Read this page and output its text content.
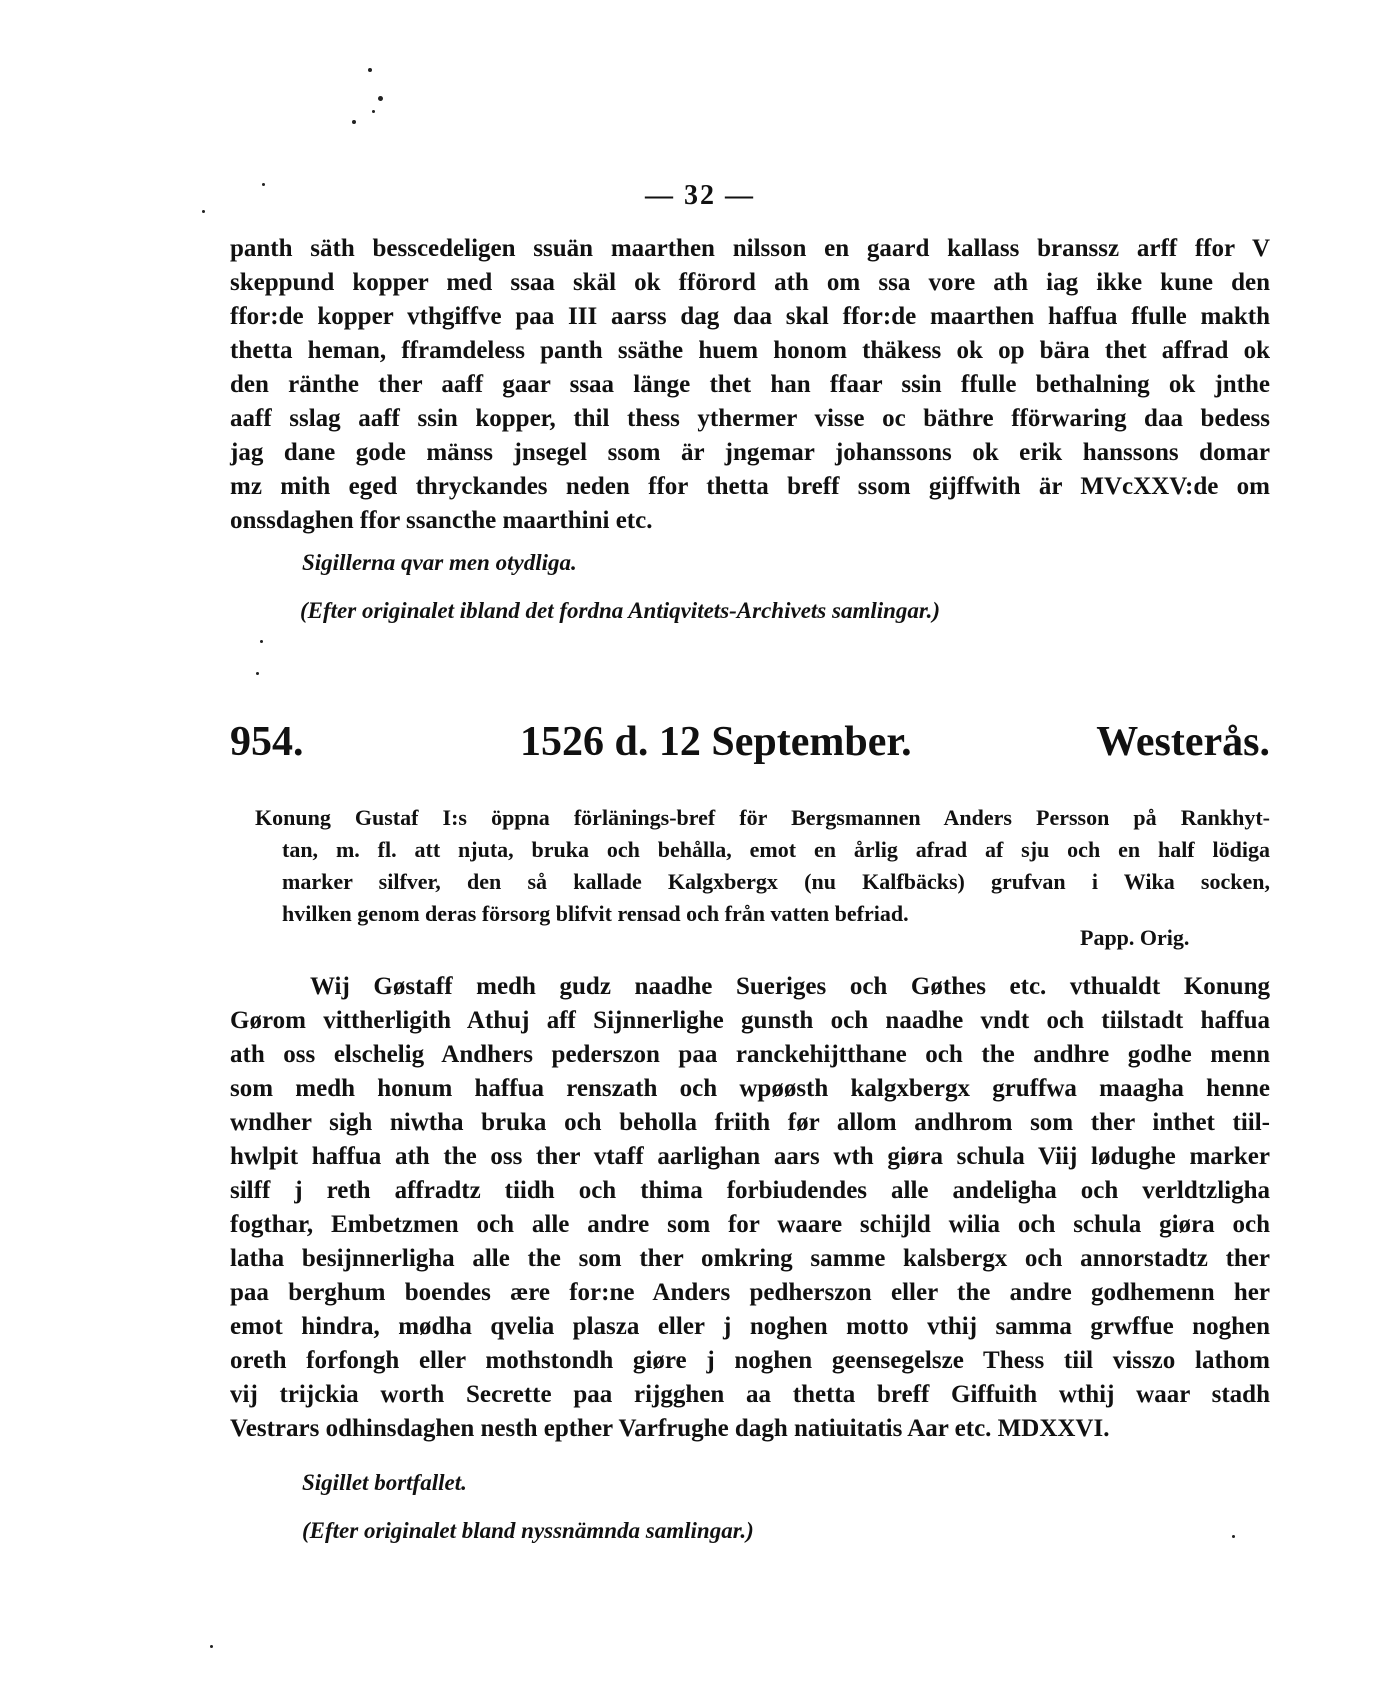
— 32 —
panth säth besscedeligen ssuän maarthen nilsson en gaard kallass branssz arff ffor V
skeppund kopper med ssaa skäl ok fförord ath om ssa vore ath iag ikke kune den
ffor:de kopper vthgiffve paa III aarss dag daa skal ffor:de maarthen haffua ffulle makth
thetta heman, fframdeless panth ssäthe huem honom thäkess ok op bära thet affrad ok
den ränthe ther aaff gaar ssaa länge thet han ffaar ssin ffulle bethalning ok jnthe
aaff sslag aaff ssin kopper, thil thess ythermer visse oc bäthre fförwaring daa bedess
jag dane gode mänss jnsegel ssom är jngemar johanssons ok erik hanssons domar
mz mith eged thryckandes neden ffor thetta breff ssom gijffwith är MVcXXV:de om
onssdaghen ffor ssancthe maarthini etc.
Sigillerna qvar men otydliga.
(Efter originalet ibland det fordna Antiqvitets-Archivets samlingar.)
954.	1526 d. 12 September.	Westerås.
Konung Gustaf I:s öppna förlänings-bref för Bergsmannen Anders Persson på Rankhyt-
tan, m. fl. att njuta, bruka och behålla, emot en årlig afrad af sju och en half lödiga
marker silfver, den så kallade Kalgxbergx (nu Kalfbäcks) grufvan i Wika socken,
hvilken genom deras försorg blifvit rensad och från vatten befriad.
Papp. Orig.
Wij Gøstaff medh gudz naadhe Sueriges och Gøthes etc. vthualdt Konung
Gørom vittherligith Athuj aff Sijnnerlighe gunsth och naadhe vndt och tiilstadt haffua
ath oss elschelig Andhers pederszon paa ranckehijtthane och the andhre godhe menn
som medh honum haffua renszath och wpøøsth kalgxbergx gruffwa maagha henne
wndher sigh niwtha bruka och beholla friith før allom andhrom som ther inthet tiil-
hwlpit haffua ath the oss ther vtaff aarlighan aars wth giøra schula Viij lødughe marker
silff j reth affradtz tiidh och thima forbiudendes alle andeligha och verldtzligha
fogthar, Embetzmen och alle andre som for waare schijld wilia och schula giøra och
latha besijnnerligha alle the som ther omkring samme kalsbergx och annorstadtz ther
paa berghum boendes ære for:ne Anders pedherszon eller the andre godhemenn her
emot hindra, mødha qvelia plasza eller j noghen motto vthij samma grwffue noghen
oreth forfongh eller mothstondh giøre j noghen geensegelsze Thess tiil visszo lathom
vij trijckia worth Secrette paa rijgghen aa thetta breff Giffuith wthij waar stadh
Vestrars odhinsdaghen nesth epther Varfrughe dagh natiuitatis Aar etc. MDXXVI.
Sigillet bortfallet.
(Efter originalet bland nyssnämnda samlingar.)
